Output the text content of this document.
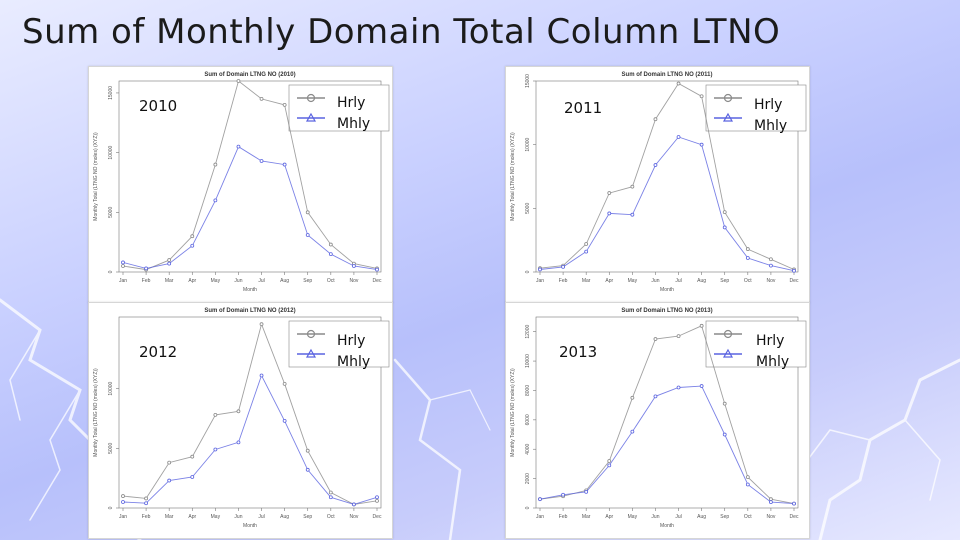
Sum of Monthly Domain Total Column LTNO
Sum of Domain LTNG NO (2010)
0
5000
10000
15000
Jan	Feb	Mar	Apr	May	Jun	Jul	Aug	Sep	Oct	Nov	Dec
Month
Monthly Total (LTNG NO (moles) (XYZ))
2010	Hrly
Mhly
Sum of Domain LTNG NO (2011)
0
5000
10000
15000
Jan	Feb	Mar	Apr	May	Jun	Jul	Aug	Sep	Oct	Nov	Dec
Month
Monthly Total (LTNG NO (moles) (XYZ))
2011	Hrly
Mhly
Sum of Domain LTNG NO (2012)
0
5000
10000
Jan	Feb	Mar	Apr	May	Jun	Jul	Aug	Sep	Oct	Nov	Dec
Month
Monthly Total (LTNG NO (moles) (XYZ))
2012
Hrly
Mhly
Sum of Domain LTNG NO (2013)
0
2000
4000
6000
8000
10000
12000
Jan	Feb	Mar	Apr	May	Jun	Jul	Aug	Sep	Oct	Nov	Dec
Month
Monthly Total (LTNG NO (moles) (XYZ))
2013
Hrly
Mhly
